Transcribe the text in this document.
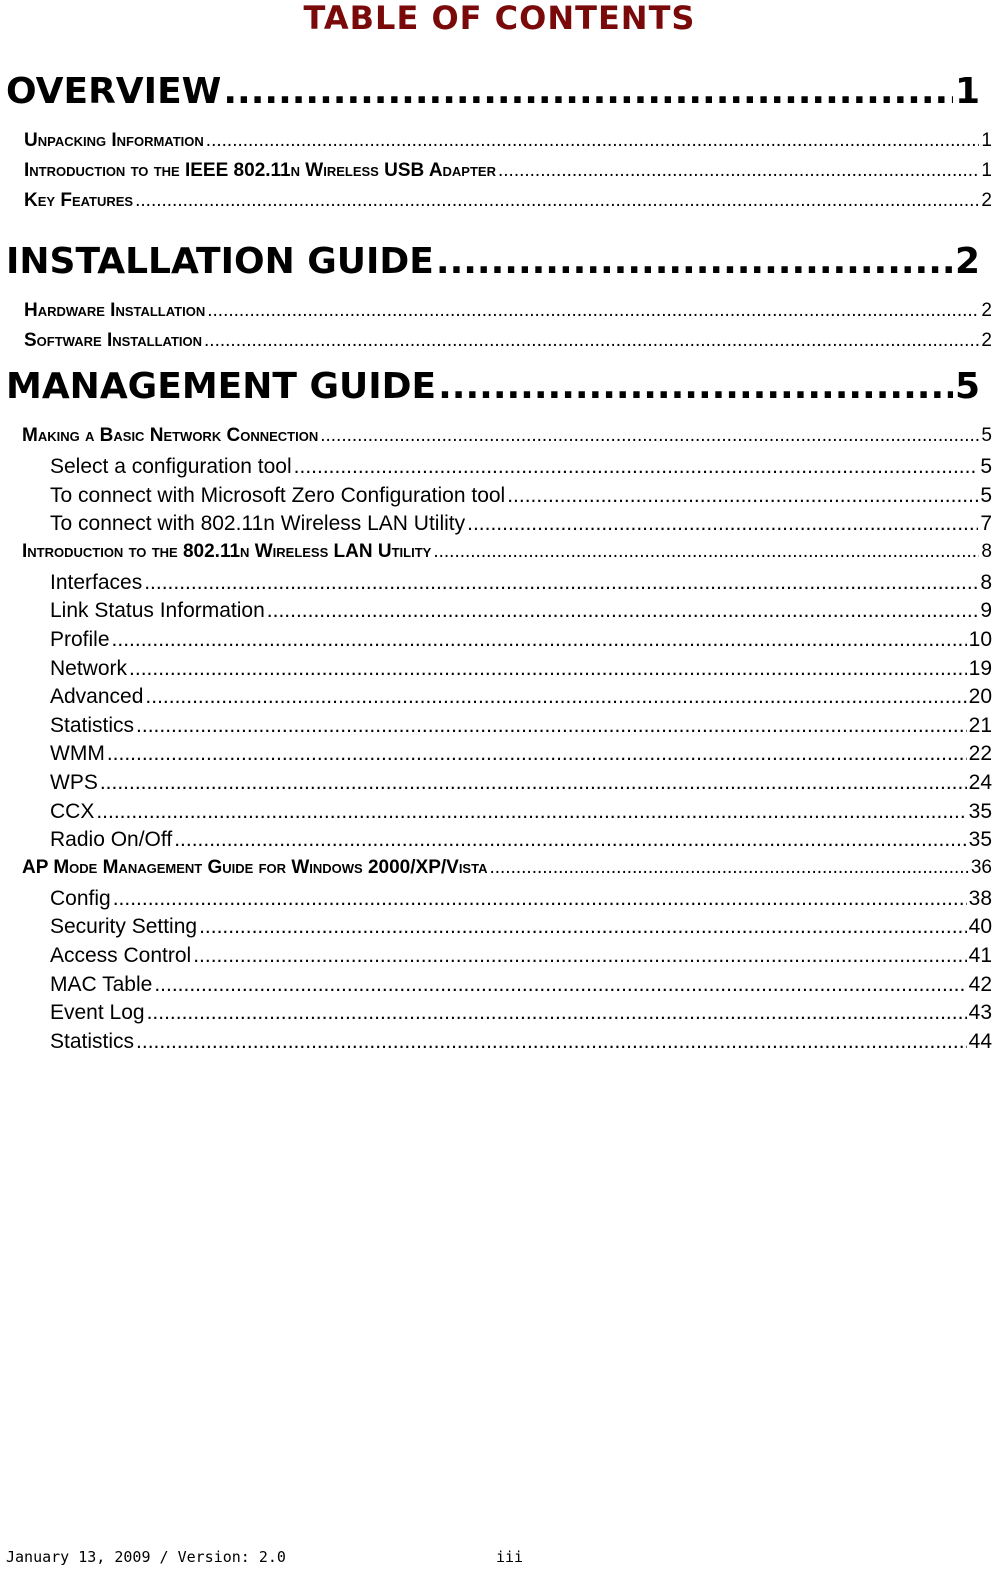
TABLE OF CONTENTS
OVERVIEW .....	1
Unpacking Information .....	1
Introduction to the IEEE 802.11n Wireless USB Adapter .....	1
Key Features .....	2
INSTALLATION GUIDE .....	2
Hardware Installation .....	2
Software Installation .....	2
MANAGEMENT GUIDE .....	5
Making a Basic Network Connection .....	5
Select a configuration tool .....	5
To connect with Microsoft Zero Configuration tool .....	5
To connect with 802.11n Wireless LAN Utility .....	7
Introduction to the 802.11n Wireless LAN Utility .....	8
Interfaces .....	8
Link Status Information .....	9
Profile .....	10
Network .....	19
Advanced .....	20
Statistics .....	21
WMM .....	22
WPS .....	24
CCX .....	35
Radio On/Off .....	35
AP Mode Management Guide for Windows 2000/XP/Vista .....	36
Config .....	38
Security Setting .....	40
Access Control .....	41
MAC Table .....	42
Event Log .....	43
Statistics .....	44
January 13, 2009 / Version: 2.0	iii
